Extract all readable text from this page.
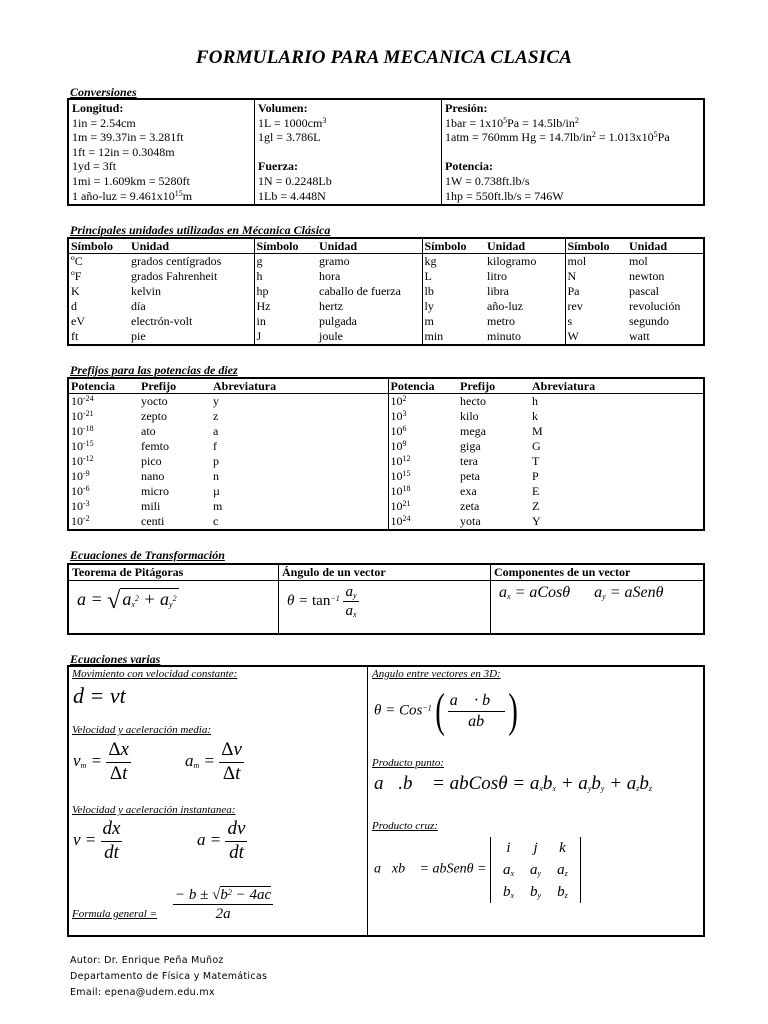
FORMULARIO PARA MECANICA CLASICA
Conversiones
Longitud:
1in = 2.54cm
1m = 39.37in = 3.281ft
1ft = 12in = 0.3048m
1yd = 3ft
1mi = 1.609km = 5280ft
1 año-luz = $9.461x10^{15}m$
Volumen:
$1L = 1000cm^3$
1gl = 3.786L
Fuerza:
1N = 0.2248Lb
1Lb = 4.448N
Presión:
$1bar = 1x10^5Pa = 14.5lb/in^2$
1atm = 760mm $Hg = 14.7lb/in^2 = 1.013x10^5Pa$
Potencia:
1W = 0.738ft.lb/s
1hp = 550ft.lb/s = 746W
Principales unidades utilizadas en Mécanica Clásica
Símbolo	Unidad	Símbolo	Unidad	Símbolo	Unidad	Símbolo	Unidad
ºC	grados centígrados	g	gramo	kg	kilogramo	mol	mol
ºF	grados Fahrenheit	h	hora	L	litro	N	newton
K	kelvin	hp	caballo de fuerza	lb	libra	Pa	pascal
d	día	Hz	hertz	ly	año-luz	rev	revolución
eV	electrón-volt	in	pulgada	m	metro	s	segundo
ft	pie	J	joule	min	minuto	W	watt
Prefijos para las potencias de diez
Potencia	Prefijo	Abreviatura	Potencia	Prefijo	Abreviatura
$10^{-24}$	yocto	y	$10^2$	hecto	h
$10^{-21}$	zepto	z	$10^3$	kilo	k
$10^{-18}$	ato	a	$10^6$	mega	M
$10^{-15}$	femto	f	$10^9$	giga	G
$10^{-12}$	pico	p	$10^{12}$	tera	T
$10^{-9}$	nano	n	$10^{15}$	peta	P
$10^{-6}$	micro	µ	$10^{18}$	exa	E
$10^{-3}$	mili	m	$10^{21}$	zeta	Z
$10^{-2}$	centi	c	$10^{24}$	yota	Y
Ecuaciones de Transformación
Teorema de Pitágoras
a = √ $a_x^2 + a_y^2$
Ángulo de un vector
$\theta = \tan^{-1} \frac{a_y}{a_x}$
Componentes de un vector
$a_x$ = aCosθ      $a_y$ = aSenθ
Ecuaciones varias
Movimiento con velocidad constante:
d = vt
Velocidad y aceleración media:
$v_m = \frac{\Delta x}{\Delta t}$	$a_m = \frac{\Delta v}{\Delta t}$
Velocidad y aceleración instantanea:
$v = \frac{dx}{dt}$	$a = \frac{dv}{dt}$
Formula general = $\frac{- b \pm √b^2 - 4ac}{2a}$
Angulo entre vectores en 3D:
θ = Cos$^{-1}$ ( $\frac{a⃗ \cdot b⃗}{ab}$ )
Producto punto:
a⃗.b⃗ = abCosθ = $a_xb_x + a_yb_y + a_zb_z$
Producto cruz:
a⃗xb⃗ = abSenθ =
i	j	k
$a_x$	$a_y$	$a_z$
$b_x$	$b_y$	$b_z$
Autor: Dr. Enrique Peña Muñoz
Departamento de Física y Matemáticas
Email: epena@udem.edu.mx
